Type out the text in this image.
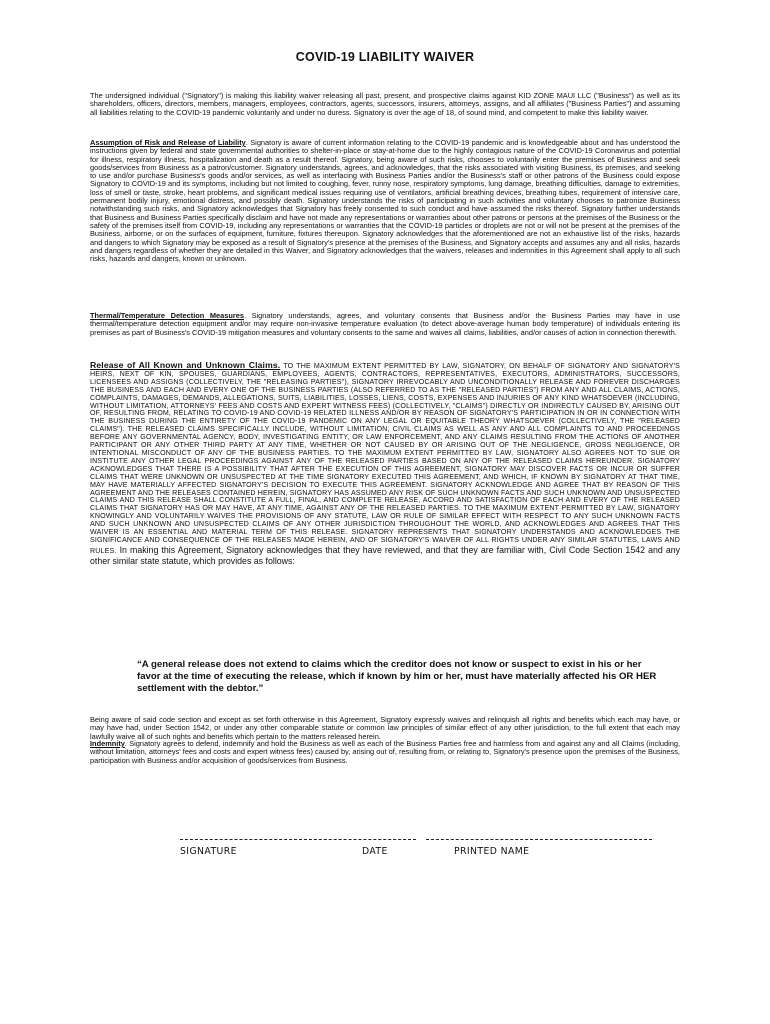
COVID-19 LIABILITY WAIVER
The undersigned individual ("Signatory") is making this liability waiver releasing all past, present, and prospective claims against KID ZONE MAUI LLC ("Business") as well as its shareholders, officers, directors, members, managers, employees, contractors, agents, successors, insurers, attorneys, assigns, and all affiliates ("Business Parties") and assuming all liabilities relating to the COVID-19 pandemic voluntarily and under no duress. Signatory is over the age of 18, of sound mind, and competent to make this liability waiver.
Assumption of Risk and Release of Liability. Signatory is aware of current information relating to the COVID-19 pandemic and is knowledgeable about and has understood the instructions given by federal and state governmental authorities to shelter-in-place or stay-at-home due to the highly contagious nature of the COVID-19 Coronavirus and potential for illness, respiratory illness, hospitalization and death as a result thereof. Signatory, being aware of such risks, chooses to voluntarily enter the premises of Business and seek goods/services from Business as a patron/customer. Signatory understands, agrees, and acknowledges, that the risks associated with visiting Business, its premises, and seeking to use and/or purchase Business's goods and/or services, as well as interfacing with Business Parties and/or the Business's staff or other patrons of the Business could expose Signatory to COVID-19 and its symptoms, including but not limited to coughing, fever, runny nose, respiratory symptoms, lung damage, breathing difficulties, damage to extremities, loss of smell or taste, stroke, heart problems, and significant medical issues requiring use of ventilators, artificial breathing devices, breathing tubes, requirement of intensive care, permanent bodily injury, emotional distress, and possibly death. Signatory understands the risks of participating in such activities and voluntary chooses to patronize Business notwithstanding such risks, and Signatory acknowledges that Signatory has freely consented to such conduct and have assumed the risks thereof. Signatory further understands that Business and Business Parties specifically disclaim and have not made any representations or warranties about other patrons or persons at the premises of the Business or the safety of the premises itself from COVID-19, including any representations or warranties that the COVID-19 particles or droplets are not or will not be present at the premises of the Business, airborne, or on the surfaces of equipment, furniture, fixtures thereupon. Signatory acknowledges that the aforementioned are not an exhaustive list of the risks, hazards and dangers to which Signatory may be exposed as a result of Signatory's presence at the premises of the Business, and Signatory accepts and assumes any and all risks, hazards and dangers regardless of whether they are detailed in this Waiver, and Signatory acknowledges that the waivers, releases and indemnities in this Agreement shall apply to all such risks, hazards and dangers, known or unknown.
Thermal/Temperature Detection Measures. Signatory understands, agrees, and voluntary consents that Business and/or the Business Parties may have in use thermal/temperature detection equipment and/or may require non-invasive temperature evaluation (to detect above-average human body temperature) of individuals entering its premises as part of Business's COVID-19 mitigation measures and voluntary consents to the same and waives all claims, liabilities, and/or causes of action in connection therewith.
Release of All Known and Unknown Claims. TO THE MAXIMUM EXTENT PERMITTED BY LAW, SIGNATORY, ON BEHALF OF SIGNATORY AND SIGNATORY'S HEIRS, NEXT OF KIN, SPOUSES, GUARDIANS, EMPLOYEES, AGENTS, CONTRACTORS, REPRESENTATIVES, EXECUTORS, ADMINISTRATORS, SUCCESSORS, LICENSEES AND ASSIGNS (COLLECTIVELY, THE "RELEASING PARTIES"), SIGNATORY IRREVOCABLY AND UNCONDITIONALLY RELEASE AND FOREVER DISCHARGES THE BUSINESS AND EACH AND EVERY ONE OF THE BUSINESS PARTIES (ALSO REFERRED TO AS THE "RELEASED PARTIES") FROM ANY AND ALL CLAIMS, ACTIONS, COMPLAINTS, DAMAGES, DEMANDS, ALLEGATIONS, SUITS, LIABILITIES, LOSSES, LIENS, COSTS, EXPENSES AND INJURIES OF ANY KIND WHATSOEVER (INCLUDING, WITHOUT LIMITATION, ATTORNEYS' FEES AND COSTS AND EXPERT WITNESS FEES) (COLLECTIVELY, "CLAIMS") DIRECTLY OR INDIRECTLY CAUSED BY, ARISING OUT OF, RESULTING FROM, RELATING TO COVID-19 AND COVID-19 RELATED ILLNESS AND/OR BY REASON OF SIGNATORY'S PARTICIPATION IN OR IN CONNECTION WITH THE BUSINESS DURING THE ENTIRETY OF THE COVID-19 PANDEMIC ON ANY LEGAL OR EQUITABLE THEORY WHATSOEVER (COLLECTIVELY, THE "RELEASED CLAIMS"). THE RELEASED CLAIMS SPECIFICALLY INCLUDE, WITHOUT LIMITATION, CIVIL CLAIMS AS WELL AS ANY AND ALL COMPLAINTS TO AND PROCEEDINGS BEFORE ANY GOVERNMENTAL AGENCY, BODY, INVESTIGATING ENTITY, OR LAW ENFORCEMENT, AND ANY CLAIMS RESULTING FROM THE ACTIONS OF ANOTHER PARTICIPANT OR ANY OTHER THIRD PARTY AT ANY TIME, WHETHER OR NOT CAUSED BY OR ARISING OUT OF THE NEGLIGENCE, GROSS NEGLIGENCE, OR INTENTIONAL MISCONDUCT OF ANY OF THE BUSINESS PARTIES. TO THE MAXIMUM EXTENT PERMITTED BY LAW, SIGNATORY ALSO AGREES NOT TO SUE OR INSTITUTE ANY OTHER LEGAL PROCEEDINGS AGAINST ANY OF THE RELEASED PARTIES BASED ON ANY OF THE RELEASED CLAIMS HEREUNDER. SIGNATORY ACKNOWLEDGES THAT THERE IS A POSSIBILITY THAT AFTER THE EXECUTION OF THIS AGREEMENT, SIGNATORY MAY DISCOVER FACTS OR INCUR OR SUFFER CLAIMS THAT WERE UNKNOWN OR UNSUSPECTED AT THE TIME SIGNATORY EXECUTED THIS AGREEMENT, AND WHICH, IF KNOWN BY SIGNATORY AT THAT TIME, MAY HAVE MATERIALLY AFFECTED SIGNATORY'S DECISION TO EXECUTE THIS AGREEMENT. SIGNATORY ACKNOWLEDGE AND AGREE THAT BY REASON OF THIS AGREEMENT AND THE RELEASES CONTAINED HEREIN, SIGNATORY HAS ASSUMED ANY RISK OF SUCH UNKNOWN FACTS AND SUCH UNKNOWN AND UNSUSPECTED CLAIMS AND THIS RELEASE SHALL CONSTITUTE A FULL, FINAL, AND COMPLETE RELEASE, ACCORD AND SATISFACTION OF EACH AND EVERY OF THE RELEASED CLAIMS THAT SIGNATORY HAS OR MAY HAVE, AT ANY TIME, AGAINST ANY OF THE RELEASED PARTIES. TO THE MAXIMUM EXTENT PERMITTED BY LAW, SIGNATORY KNOWINGLY AND VOLUNTARILY WAIVES THE PROVISIONS OF ANY STATUTE, LAW OR RULE OF SIMILAR EFFECT WITH RESPECT TO ANY SUCH UNKNOWN FACTS AND SUCH UNKNOWN AND UNSUSPECTED CLAIMS OF ANY OTHER JURISDICTION THROUGHOUT THE WORLD, AND ACKNOWLEDGES AND AGREES THAT THIS WAIVER IS AN ESSENTIAL AND MATERIAL TERM OF THIS RELEASE. SIGNATORY REPRESENTS THAT SIGNATORY UNDERSTANDS AND ACKNOWLEDGES THE SIGNIFICANCE AND CONSEQUENCE OF THE RELEASES MADE HEREIN, AND OF SIGNATORY'S WAIVER OF ALL RIGHTS UNDER ANY SIMILAR STATUTES, LAWS AND RULES. In making this Agreement, Signatory acknowledges that they have reviewed, and that they are familiar with, Civil Code Section 1542 and any other similar state statute, which provides as follows:
“A general release does not extend to claims which the creditor does not know or suspect to exist in his or her favor at the time of executing the release, which if known by him or her, must have materially affected his OR HER settlement with the debtor.”
Being aware of said code section and except as set forth otherwise in this Agreement, Signatory expressly waives and relinquish all rights and benefits which each may have, or may have had, under Section 1542, or under any other comparable statute or common law principles of similar effect of any other jurisdiction, to the full extent that each may lawfully waive all of such rights and benefits which pertain to the matters released herein.
Indemnity. Signatory agrees to defend, indemnify and hold the Business as well as each of the Business Parties free and harmless from and against any and all Claims (including, without limitation, attorneys' fees and costs and expert witness fees) caused by, arising out of, resulting from, or relating to, Signatory's presence upon the premises of the Business, participation with Business and/or acquisition of goods/services from Business.
SIGNATURE	DATE	PRINTED NAME
